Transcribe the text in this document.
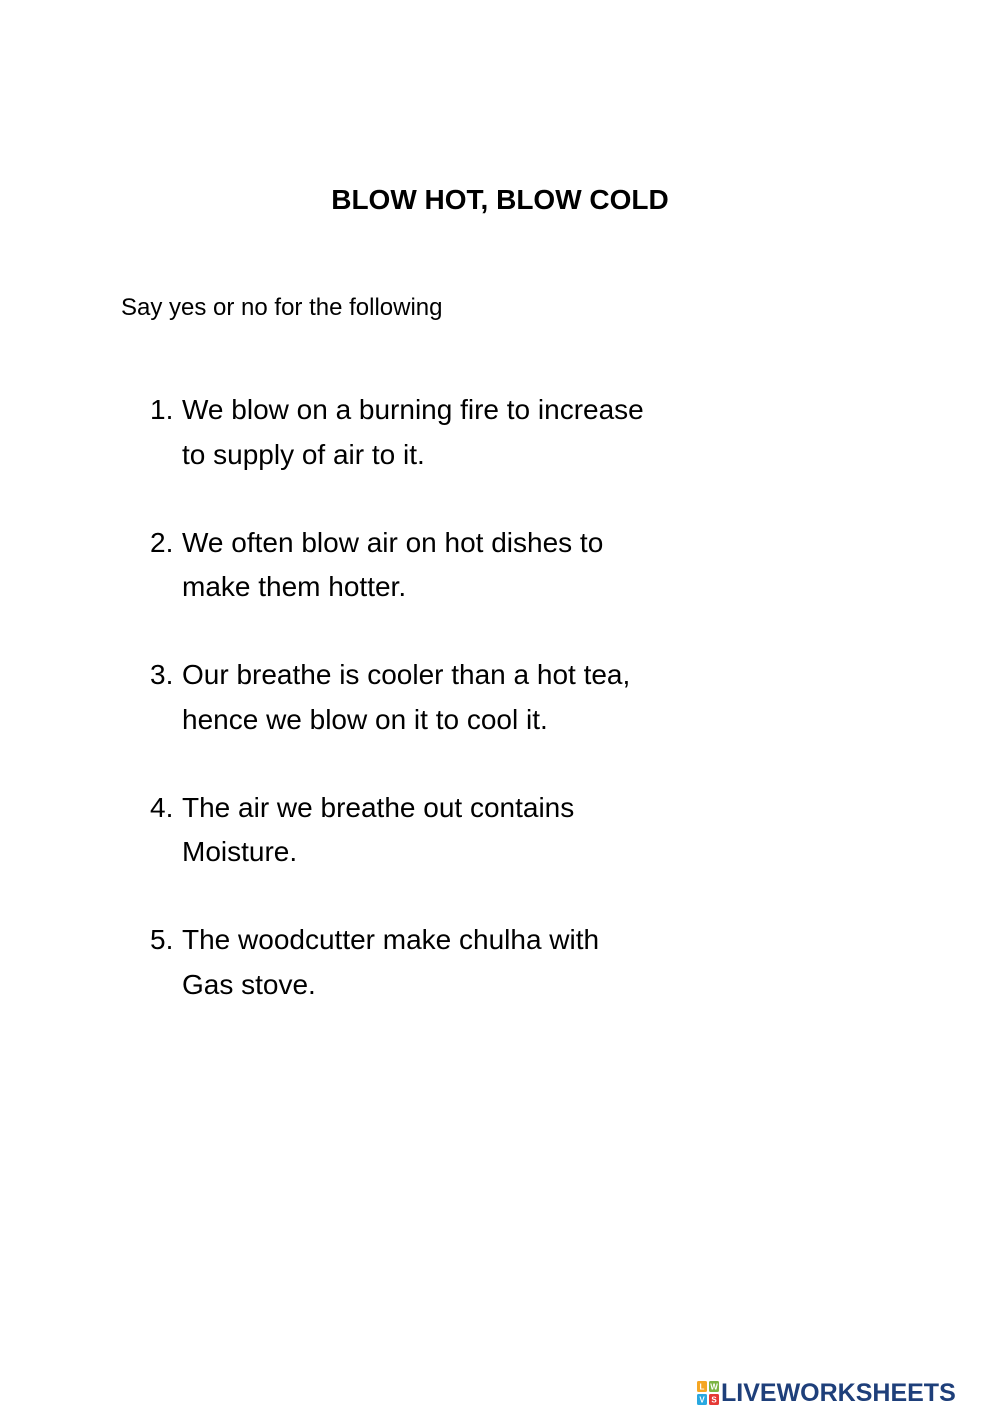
BLOW HOT, BLOW COLD
Say yes or no for the following
1. We blow on a burning fire to increase
to supply of air to it.
2. We often blow air on hot dishes to
make them hotter.
3. Our breathe is cooler than a hot tea,
hence we blow on it to cool it.
4. The air we breathe out contains
Moisture.
5. The woodcutter make chulha with
Gas stove.
L W
V S LIVEWORKSHEETS
